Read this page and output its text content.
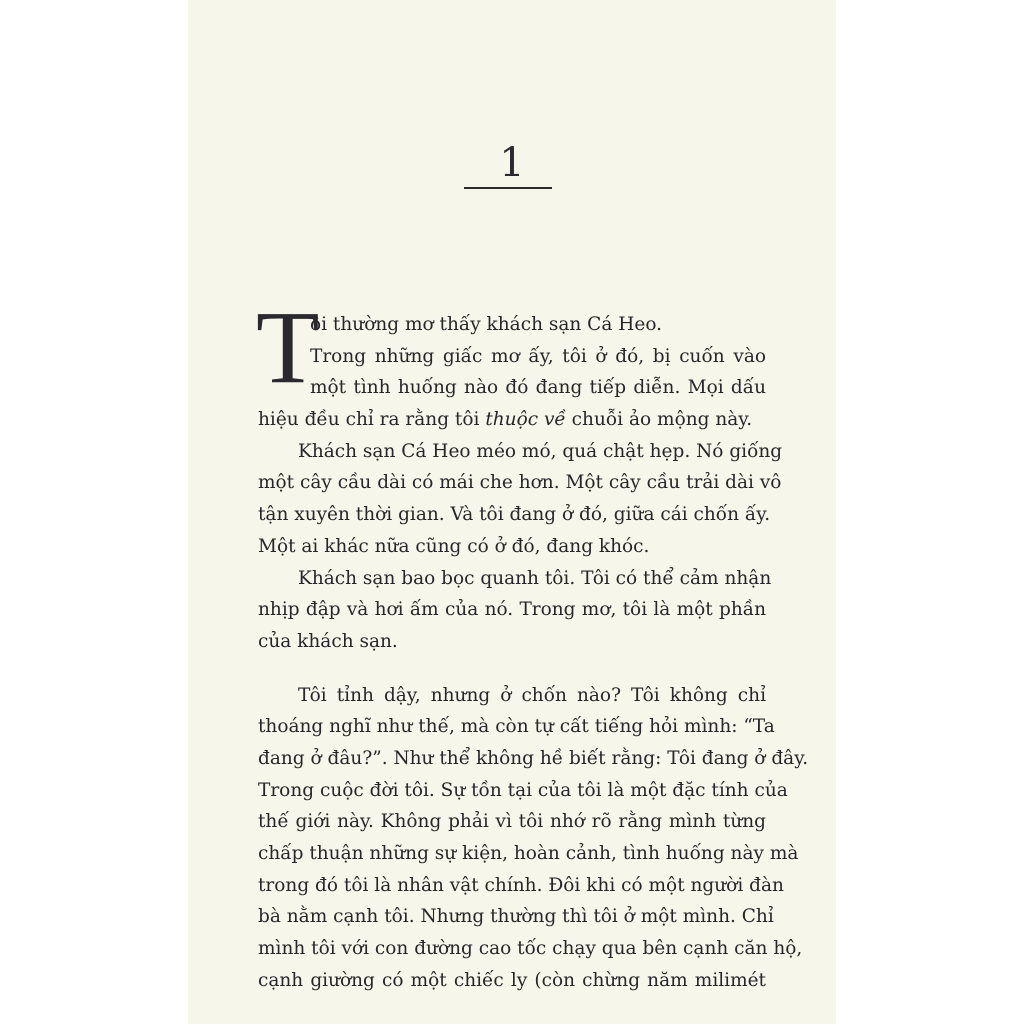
1
T
ôi thường mơ thấy khách sạn Cá Heo.
Trong những giấc mơ ấy, tôi ở đó, bị cuốn vào
một tình huống nào đó đang tiếp diễn. Mọi dấu
hiệu đều chỉ ra rằng tôi thuộc về chuỗi ảo mộng này.
Khách sạn Cá Heo méo mó, quá chật hẹp. Nó giống
một cây cầu dài có mái che hơn. Một cây cầu trải dài vô
tận xuyên thời gian. Và tôi đang ở đó, giữa cái chốn ấy.
Một ai khác nữa cũng có ở đó, đang khóc.
Khách sạn bao bọc quanh tôi. Tôi có thể cảm nhận
nhịp đập và hơi ấm của nó. Trong mơ, tôi là một phần
của khách sạn.
Tôi tỉnh dậy, nhưng ở chốn nào? Tôi không chỉ
thoáng nghĩ như thế, mà còn tự cất tiếng hỏi mình: “Ta
đang ở đâu?”. Như thể không hề biết rằng: Tôi đang ở đây.
Trong cuộc đời tôi. Sự tồn tại của tôi là một đặc tính của
thế giới này. Không phải vì tôi nhớ rõ rằng mình từng
chấp thuận những sự kiện, hoàn cảnh, tình huống này mà
trong đó tôi là nhân vật chính. Đôi khi có một người đàn
bà nằm cạnh tôi. Nhưng thường thì tôi ở một mình. Chỉ
mình tôi với con đường cao tốc chạy qua bên cạnh căn hộ,
cạnh giường có một chiếc ly (còn chừng năm milimét
